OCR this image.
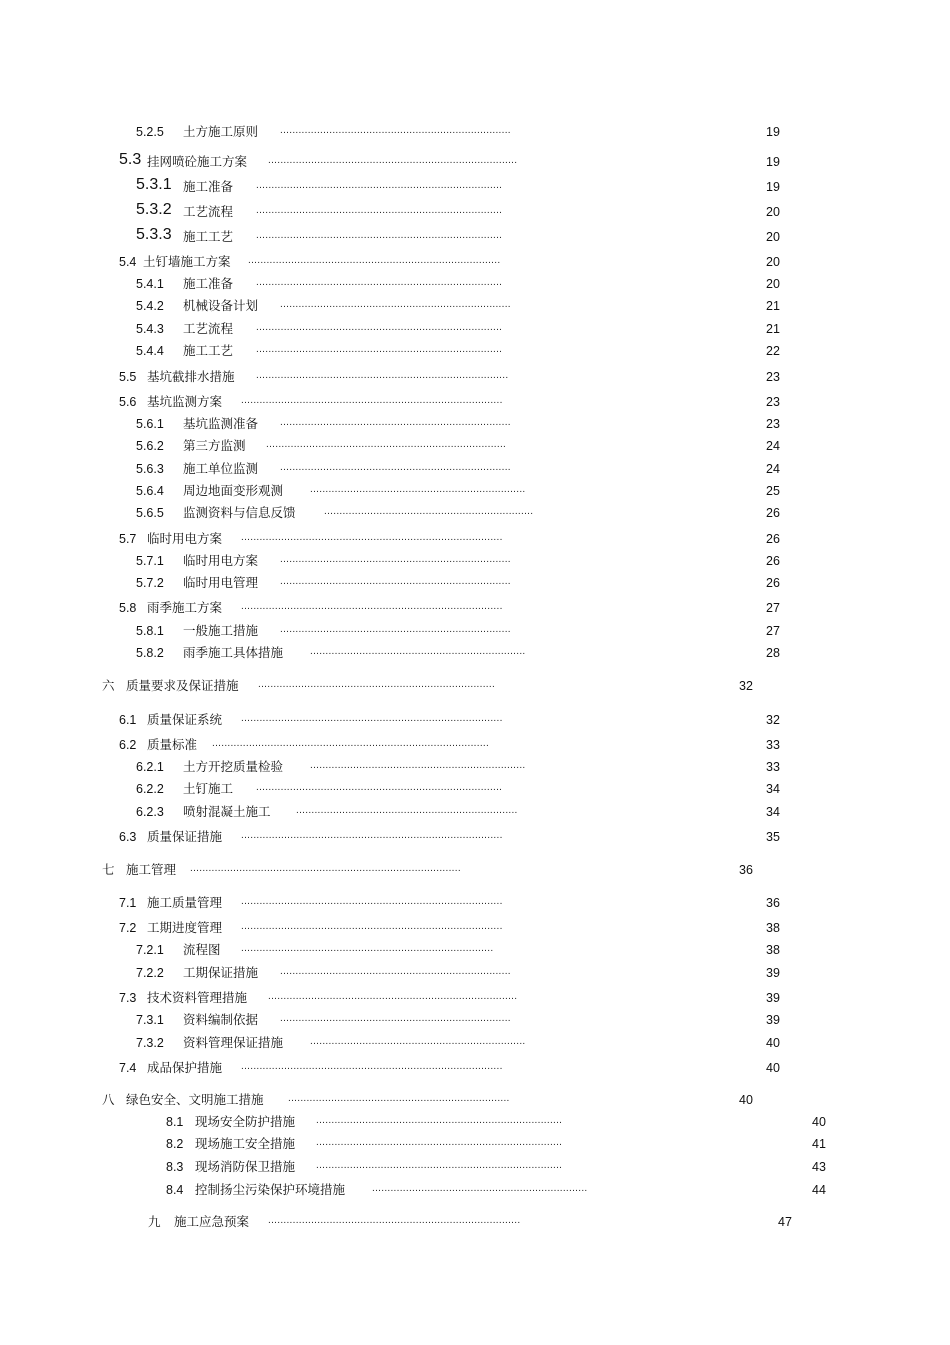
5.2.5 土方施工原则 ...........................................................................	19
5.3 挂网喷砼施工方案 .................................................................................	19
5.3.1 施工准备 ................................................................................	19
5.3.2 工艺流程 ................................................................................	20
5.3.3 施工工艺 ................................................................................	20
5.4 土钉墙施工方案 ..................................................................................	20
5.4.1 施工准备 ................................................................................	20
5.4.2 机械设备计划 ...........................................................................	21
5.4.3 工艺流程 ................................................................................	21
5.4.4 施工工艺 ................................................................................	22
5.5 基坑截排水措施 ..................................................................................	23
5.6 基坑监测方案 .....................................................................................	23
5.6.1 基坑监测准备 ...........................................................................	23
5.6.2 第三方监测 ..............................................................................	24
5.6.3 施工单位监测 ...........................................................................	24
5.6.4 周边地面变形观测	......................................................................	25
5.6.5 监测资料与信息反馈	....................................................................	26
5.7 临时用电方案 .....................................................................................	26
5.7.1 临时用电方案 ...........................................................................	26
5.7.2 临时用电管理 ...........................................................................	26
5.8 雨季施工方案 .....................................................................................	27
5.8.1 一般施工措施 ...........................................................................	27
5.8.2 雨季施工具体措施	......................................................................	28
六 质量要求及保证措施 .............................................................................	32
6.1 质量保证系统 .....................................................................................	32
6.2 质量标准 ..........................................................................................	33
6.2.1 土方开挖质量检验	......................................................................	33
6.2.2 土钉施工 ................................................................................	34
6.2.3 喷射混凝土施工	........................................................................	34
6.3 质量保证措施 .....................................................................................	35
七 施工管理 ........................................................................................	36
7.1 施工质量管理 .....................................................................................	36
7.2 工期进度管理 .....................................................................................	38
7.2.1 流程图 ..................................................................................	38
7.2.2 工期保证措施 ...........................................................................	39
7.3 技术资料管理措施 .................................................................................	39
7.3.1 资料编制依据 ...........................................................................	39
7.3.2 资料管理保证措施	......................................................................	40
7.4 成品保护措施 .....................................................................................	40
八 绿色安全、文明施工措施 ........................................................................	40
8.1 现场安全防护措施 ................................................................................	40
8.2 现场施工安全措施 ................................................................................	41
8.3 现场消防保卫措施 ................................................................................	43
8.4 控制扬尘污染保护环境措施	......................................................................	44
九 施工应急预案 ..................................................................................	47
